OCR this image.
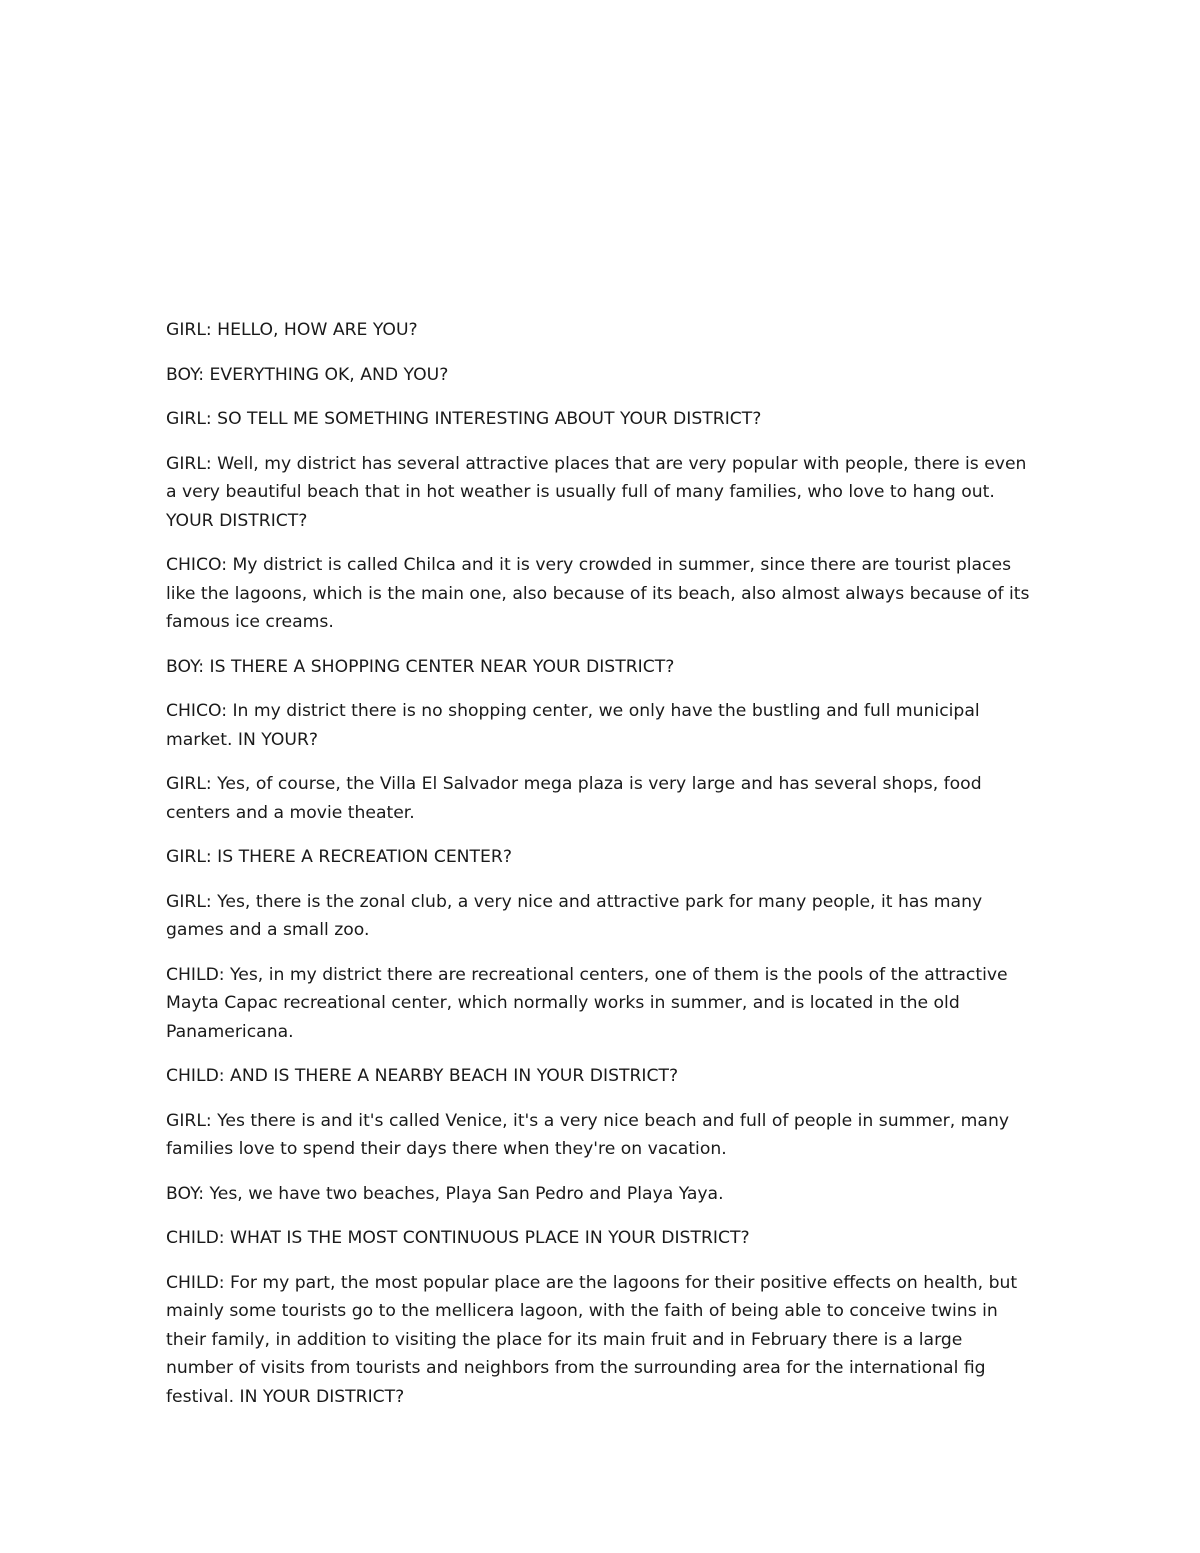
GIRL: HELLO, HOW ARE YOU?

BOY: EVERYTHING OK, AND YOU?

GIRL: SO TELL ME SOMETHING INTERESTING ABOUT YOUR DISTRICT?

GIRL: Well, my district has several attractive places that are very popular with people, there is even
a very beautiful beach that in hot weather is usually full of many families, who love to hang out.
YOUR DISTRICT?

CHICO: My district is called Chilca and it is very crowded in summer, since there are tourist places
like the lagoons, which is the main one, also because of its beach, also almost always because of its
famous ice creams.

BOY: IS THERE A SHOPPING CENTER NEAR YOUR DISTRICT?

CHICO: In my district there is no shopping center, we only have the bustling and full municipal
market. IN YOUR?

GIRL: Yes, of course, the Villa El Salvador mega plaza is very large and has several shops, food
centers and a movie theater.

GIRL: IS THERE A RECREATION CENTER?

GIRL: Yes, there is the zonal club, a very nice and attractive park for many people, it has many
games and a small zoo.

CHILD: Yes, in my district there are recreational centers, one of them is the pools of the attractive
Mayta Capac recreational center, which normally works in summer, and is located in the old
Panamericana.

CHILD: AND IS THERE A NEARBY BEACH IN YOUR DISTRICT?

GIRL: Yes there is and it's called Venice, it's a very nice beach and full of people in summer, many
families love to spend their days there when they're on vacation.

BOY: Yes, we have two beaches, Playa San Pedro and Playa Yaya.

CHILD: WHAT IS THE MOST CONTINUOUS PLACE IN YOUR DISTRICT?

CHILD: For my part, the most popular place are the lagoons for their positive effects on health, but
mainly some tourists go to the mellicera lagoon, with the faith of being able to conceive twins in
their family, in addition to visiting the place for its main fruit and in February there is a large
number of visits from tourists and neighbors from the surrounding area for the international fig
festival. IN YOUR DISTRICT?
